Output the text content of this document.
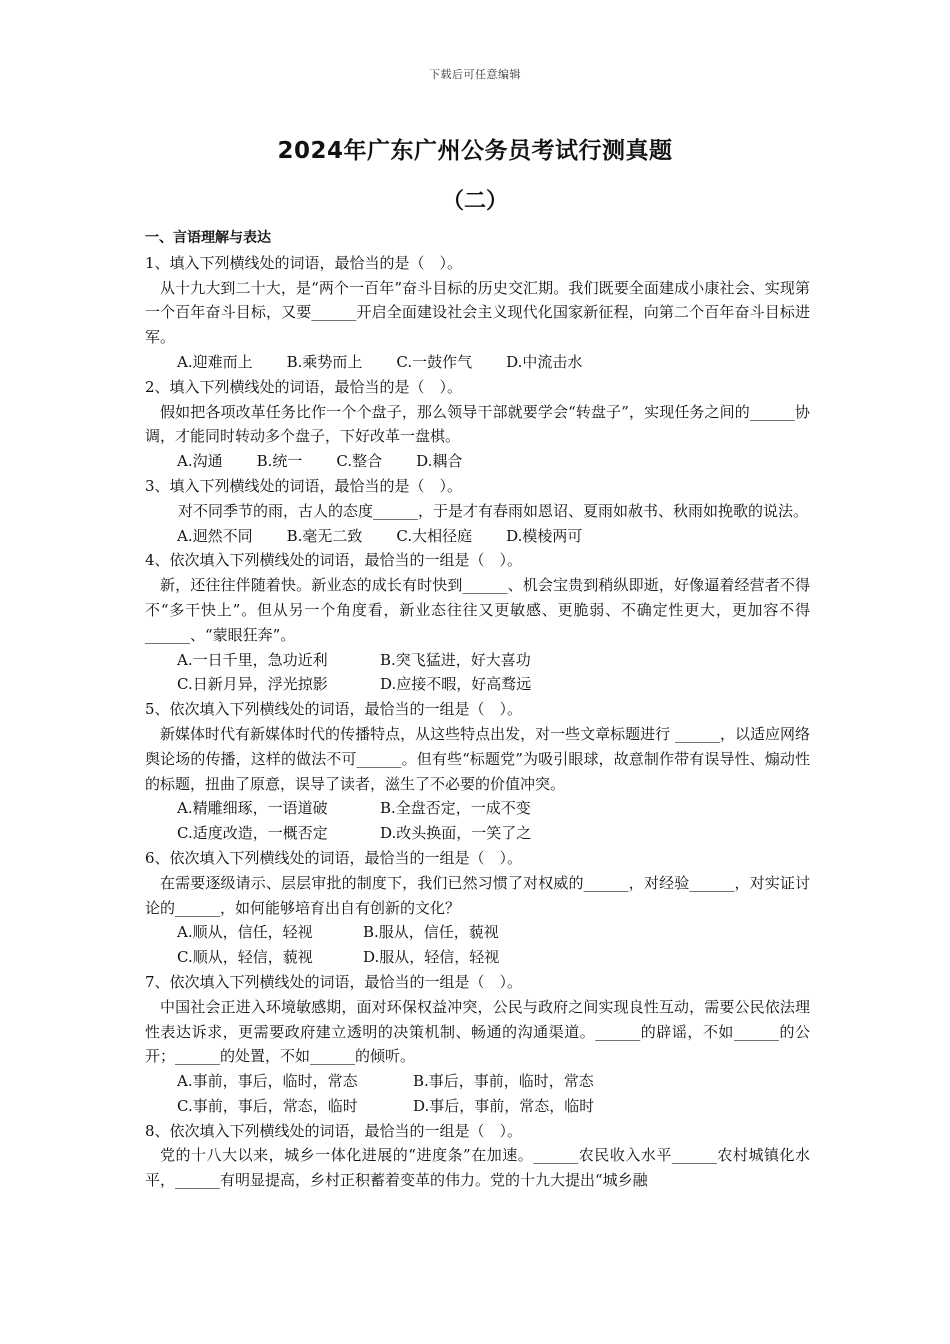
下载后可任意编辑
2024年广东广州公务员考试行测真题
（二）
一、言语理解与表达
1、填入下列横线处的词语，最恰当的是（　）。
从十九大到二十大，是“两个一百年”奋斗目标的历史交汇期。我们既要全面建成小康社会、实现第一个百年奋斗目标，又要______开启全面建设社会主义现代化国家新征程，向第二个百年奋斗目标进军。
A.迎难而上 B.乘势而上 C.一鼓作气 D.中流击水
2、填入下列横线处的词语，最恰当的是（　）。
假如把各项改革任务比作一个个盘子，那么领导干部就要学会“转盘子”，实现任务之间的______协调，才能同时转动多个盘子，下好改革一盘棋。
A.沟通 B.统一 C.整合 D.耦合
3、填入下列横线处的词语，最恰当的是（　）。
对不同季节的雨，古人的态度______，于是才有春雨如恩诏、夏雨如赦书、秋雨如挽歌的说法。
A.迥然不同 B.毫无二致 C.大相径庭 D.模棱两可
4、依次填入下列横线处的词语，最恰当的一组是（　）。
新，还往往伴随着快。新业态的成长有时快到______、机会宝贵到稍纵即逝，好像逼着经营者不得不“多干快上”。但从另一个角度看，新业态往往又更敏感、更脆弱、不确定性更大，更加容不得______、“蒙眼狂奔”。
A.一日千里，急功近利	B.突飞猛进，好大喜功
C.日新月异，浮光掠影	D.应接不暇，好高骛远
5、依次填入下列横线处的词语，最恰当的一组是（　）。
新媒体时代有新媒体时代的传播特点，从这些特点出发，对一些文章标题进行 ______，以适应网络舆论场的传播，这样的做法不可______。但有些“标题党”为吸引眼球，故意制作带有误导性、煽动性的标题，扭曲了原意，误导了读者，滋生了不必要的价值冲突。
A.精雕细琢，一语道破	B.全盘否定，一成不变
C.适度改造，一概否定	D.改头换面，一笑了之
6、依次填入下列横线处的词语，最恰当的一组是（　）。
在需要逐级请示、层层审批的制度下，我们已然习惯了对权威的______，对经验______，对实证讨论的______，如何能够培育出自有创新的文化？
A.顺从，信任，轻视	B.服从，信任，藐视
C.顺从，轻信，藐视	D.服从，轻信，轻视
7、依次填入下列横线处的词语，最恰当的一组是（　）。
中国社会正进入环境敏感期，面对环保权益冲突，公民与政府之间实现良性互动，需要公民依法理性表达诉求，更需要政府建立透明的决策机制、畅通的沟通渠道。______的辟谣，不如______的公开；______的处置，不如______的倾听。
A.事前，事后，临时，常态	B.事后，事前，临时，常态
C.事前，事后，常态，临时	D.事后，事前，常态，临时
8、依次填入下列横线处的词语，最恰当的一组是（　）。
党的十八大以来，城乡一体化进展的“进度条”在加速。______农民收入水平______农村城镇化水平，______有明显提高，乡村正积蓄着变革的伟力。党的十九大提出“城乡融
